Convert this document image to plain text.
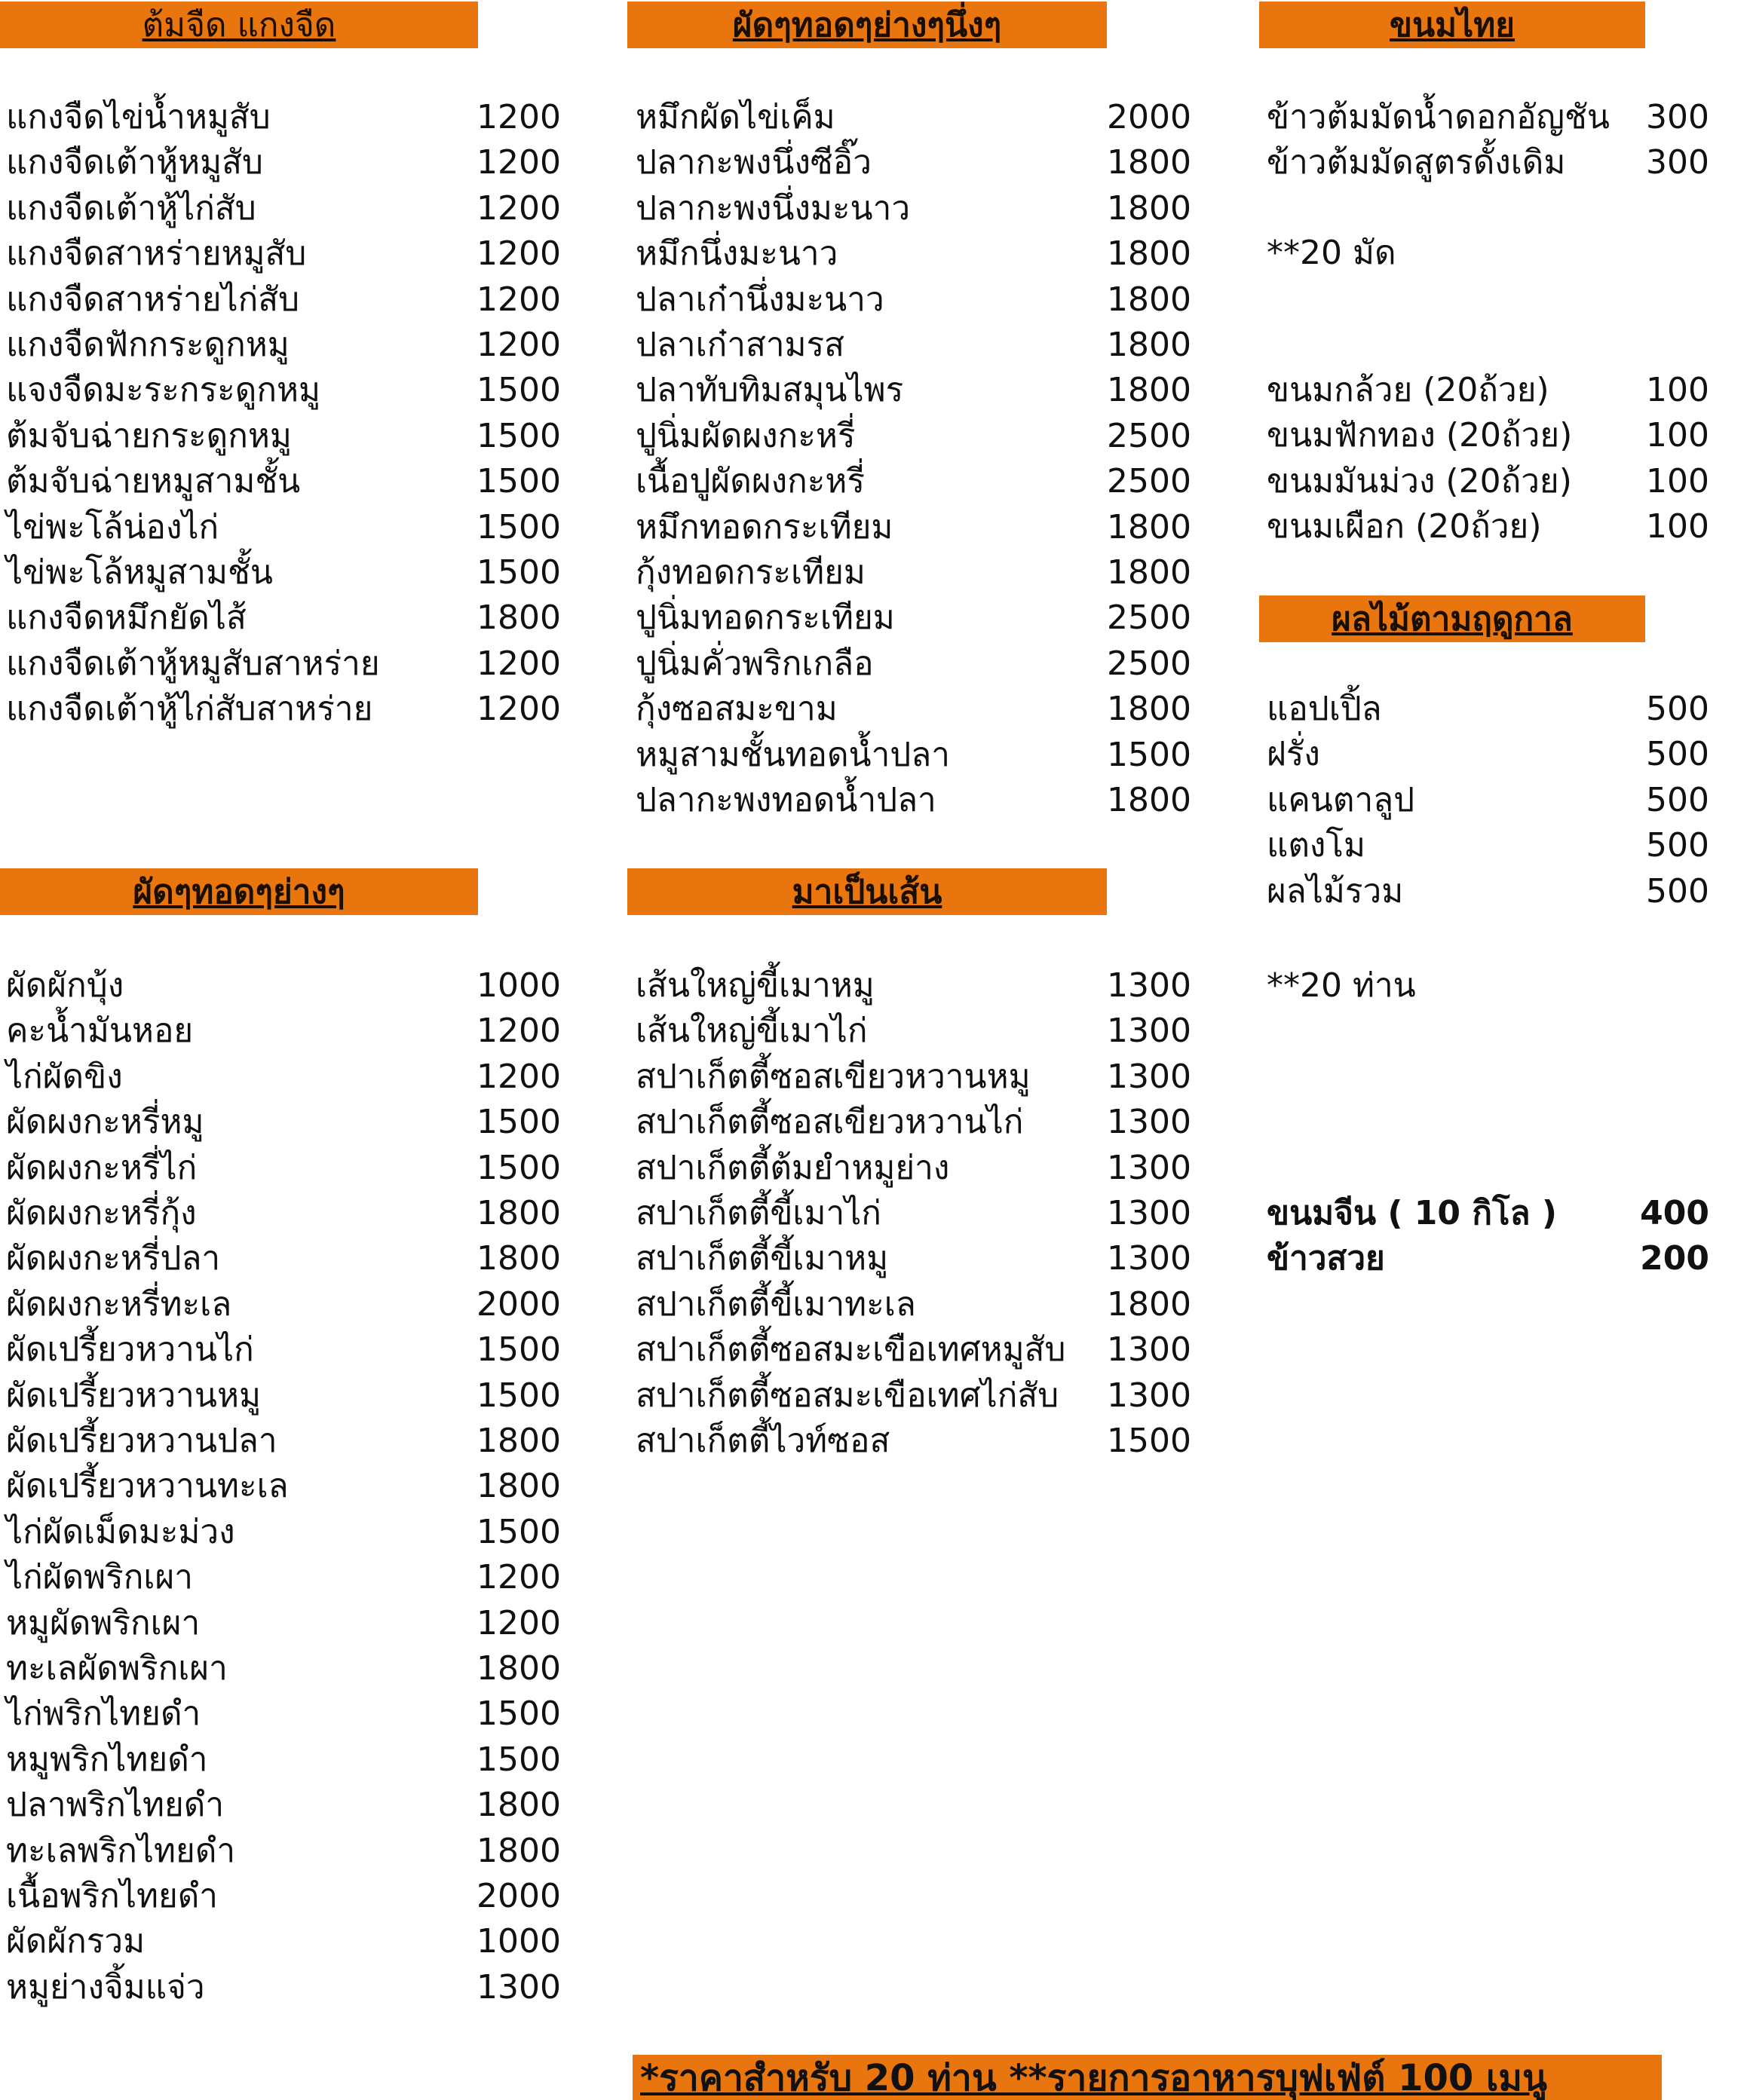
ต้มจืด แกงจืด
แกงจืดไข่น้ำหมูสับ	1200
แกงจืดเต้าหู้หมูสับ	1200
แกงจืดเต้าหู้ไก่สับ	1200
แกงจืดสาหร่ายหมูสับ	1200
แกงจืดสาหร่ายไก่สับ	1200
แกงจืดฟักกระดูกหมู	1200
แจงจืดมะระกระดูกหมู	1500
ต้มจับฉ่ายกระดูกหมู	1500
ต้มจับฉ่ายหมูสามชั้น	1500
ไข่พะโล้น่องไก่	1500
ไข่พะโล้หมูสามชั้น	1500
แกงจืดหมึกยัดไส้	1800
แกงจืดเต้าหู้หมูสับสาหร่าย	1200
แกงจืดเต้าหู้ไก่สับสาหร่าย	1200
ผัดๆทอดๆย่างๆ
ผัดผักบุ้ง	1000
คะน้ำมันหอย	1200
ไก่ผัดขิง	1200
ผัดผงกะหรี่หมู	1500
ผัดผงกะหรี่ไก่	1500
ผัดผงกะหรี่กุ้ง	1800
ผัดผงกะหรี่ปลา	1800
ผัดผงกะหรี่ทะเล	2000
ผัดเปรี้ยวหวานไก่	1500
ผัดเปรี้ยวหวานหมู	1500
ผัดเปรี้ยวหวานปลา	1800
ผัดเปรี้ยวหวานทะเล	1800
ไก่ผัดเม็ดมะม่วง	1500
ไก่ผัดพริกเผา	1200
หมูผัดพริกเผา	1200
ทะเลผัดพริกเผา	1800
ไก่พริกไทยดำ	1500
หมูพริกไทยดำ	1500
ปลาพริกไทยดำ	1800
ทะเลพริกไทยดำ	1800
เนื้อพริกไทยดำ	2000
ผัดผักรวม	1000
หมูย่างจิ้มแจ่ว	1300
ผัดๆทอดๆย่างๆนึ่งๆ
หมึกผัดไข่เค็ม	2000
ปลากะพงนึ่งซีอิ๊ว	1800
ปลากะพงนึ่งมะนาว	1800
หมึกนึ่งมะนาว	1800
ปลาเก๋านึ่งมะนาว	1800
ปลาเก๋าสามรส	1800
ปลาทับทิมสมุนไพร	1800
ปูนิ่มผัดผงกะหรี่	2500
เนื้อปูผัดผงกะหรี่	2500
หมึกทอดกระเทียม	1800
กุ้งทอดกระเทียม	1800
ปูนิ่มทอดกระเทียม	2500
ปูนิ่มคั่วพริกเกลือ	2500
กุ้งซอสมะขาม	1800
หมูสามชั้นทอดน้ำปลา	1500
ปลากะพงทอดน้ำปลา	1800
มาเป็นเส้น
เส้นใหญ่ขี้เมาหมู	1300
เส้นใหญ่ขี้เมาไก่	1300
สปาเก็ตตี้ซอสเขียวหวานหมู 1300
สปาเก็ตตี้ซอสเขียวหวานไก่	1300
สปาเก็ตตี้ต้มยำหมูย่าง	1300
สปาเก็ตตี้ขี้เมาไก่	1300
สปาเก็ตตี้ขี้เมาหมู	1300
สปาเก็ตตี้ขี้เมาทะเล	1800
สปาเก็ตตี้ซอสมะเขือเทศหมูสับ 1300
สปาเก็ตตี้ซอสมะเขือเทศไก่สับ 1300
สปาเก็ตตี้ไวท์ซอส	1500
ขนมไทย
ข้าวต้มมัดน้ำดอกอัญชัน 300
ข้าวต้มมัดสูตรดั้งเดิม 300
**20 มัด
ขนมกล้วย (20ถ้วย)	100
ขนมฟักทอง (20ถ้วย) 100
ขนมมันม่วง (20ถ้วย) 100
ขนมเผือก (20ถ้วย)	100
ผลไม้ตามฤดูกาล
แอปเปิ้ล	500
ฝรั่ง	500
แคนตาลูป	500
แตงโม	500
ผลไม้รวม	500
**20 ท่าน
ขนมจีน ( 10 กิโล )	400
ข้าวสวย	200
*ราคาสำหรับ 20 ท่าน **รายการอาหารบุฟเฟ่ต์ 100 เมนู
